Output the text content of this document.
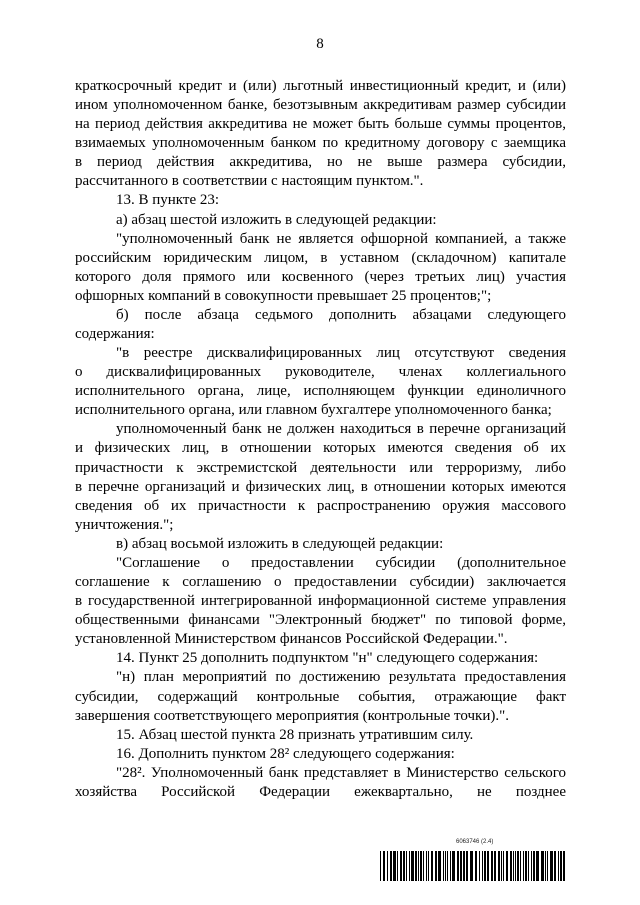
8
краткосрочный кредит и (или) льготный инвестиционный кредит, и (или)
ином уполномоченном банке, безотзывным аккредитивам размер субсидии
на период действия аккредитива не может быть больше суммы процентов,
взимаемых уполномоченным банком по кредитному договору с заемщика
в период действия аккредитива, но не выше размера субсидии,
рассчитанного в соответствии с настоящим пунктом.".
13. В пункте 23:
а) абзац шестой изложить в следующей редакции:
"уполномоченный банк не является офшорной компанией, а также
российским юридическим лицом, в уставном (складочном) капитале
которого доля прямого или косвенного (через третьих лиц) участия
офшорных компаний в совокупности превышает 25 процентов;";
б) после абзаца седьмого дополнить абзацами следующего
содержания:
"в реестре дисквалифицированных лиц отсутствуют сведения
о дисквалифицированных руководителе, членах коллегиального
исполнительного органа, лице, исполняющем функции единоличного
исполнительного органа, или главном бухгалтере уполномоченного банка;
уполномоченный банк не должен находиться в перечне организаций
и физических лиц, в отношении которых имеются сведения об их
причастности к экстремистской деятельности или терроризму, либо
в перечне организаций и физических лиц, в отношении которых имеются
сведения об их причастности к распространению оружия массового
уничтожения.";
в) абзац восьмой изложить в следующей редакции:
"Соглашение о предоставлении субсидии (дополнительное
соглашение к соглашению о предоставлении субсидии) заключается
в государственной интегрированной информационной системе управления
общественными финансами "Электронный бюджет" по типовой форме,
установленной Министерством финансов Российской Федерации.".
14. Пункт 25 дополнить подпунктом "н" следующего содержания:
"н) план мероприятий по достижению результата предоставления
субсидии, содержащий контрольные события, отражающие факт
завершения соответствующего мероприятия (контрольные точки).".
15. Абзац шестой пункта 28 признать утратившим силу.
16. Дополнить пунктом 28² следующего содержания:
"28². Уполномоченный банк представляет в Министерство сельского
хозяйства Российской Федерации ежеквартально, не позднее
6063746 (2.4)
